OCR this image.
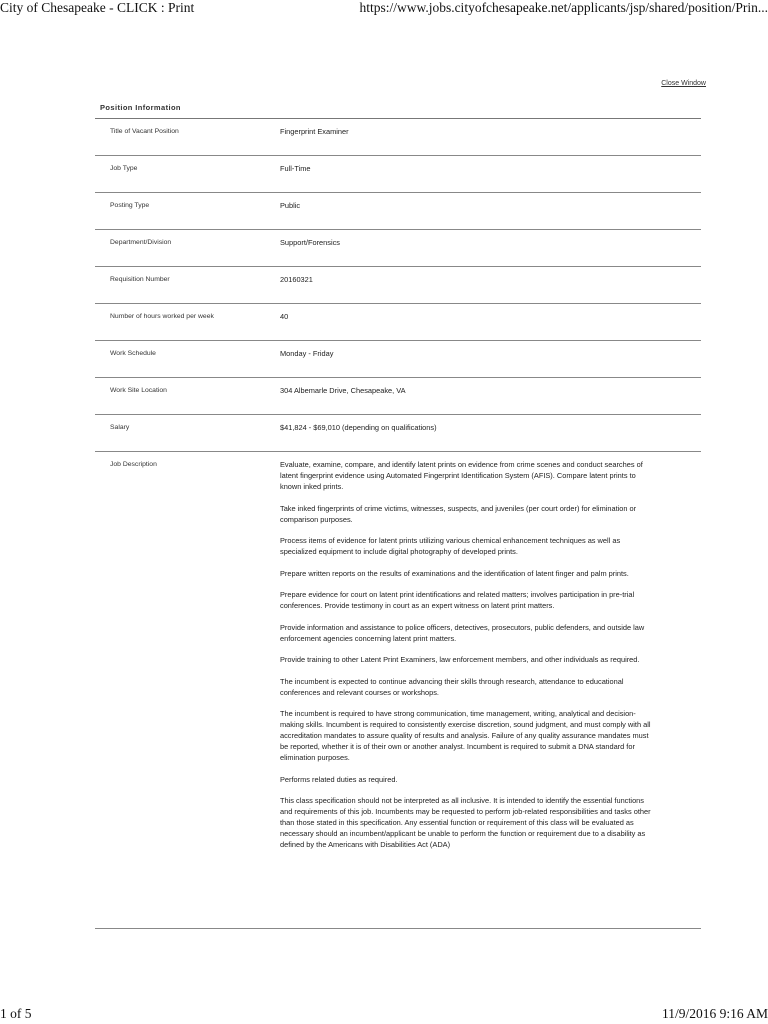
City of Chesapeake - CLICK : Print	https://www.jobs.cityofchesapeake.net/applicants/jsp/shared/position/Prin...
Close Window
Position Information
Title of Vacant Position	Fingerprint Examiner
Job Type	Full-Time
Posting Type	Public
Department/Division	Support/Forensics
Requisition Number	20160321
Number of hours worked per week	40
Work Schedule	Monday - Friday
Work Site Location	304 Albemarle Drive, Chesapeake, VA
Salary	$41,824 - $69,010 (depending on qualifications)
Job Description	Evaluate, examine, compare, and identify latent prints on evidence from crime scenes and conduct searches of latent fingerprint evidence using Automated Fingerprint Identification System (AFIS). Compare latent prints to known inked prints.

Take inked fingerprints of crime victims, witnesses, suspects, and juveniles (per court order) for elimination or comparison purposes.

Process items of evidence for latent prints utilizing various chemical enhancement techniques as well as specialized equipment to include digital photography of developed prints.

Prepare written reports on the results of examinations and the identification of latent finger and palm prints.

Prepare evidence for court on latent print identifications and related matters; involves participation in pre-trial conferences. Provide testimony in court as an expert witness on latent print matters.

Provide information and assistance to police officers, detectives, prosecutors, public defenders, and outside law enforcement agencies concerning latent print matters.

Provide training to other Latent Print Examiners, law enforcement members, and other individuals as required.

The incumbent is expected to continue advancing their skills through research, attendance to educational conferences and relevant courses or workshops.

The incumbent is required to have strong communication, time management, writing, analytical and decision-making skills. Incumbent is required to consistently exercise discretion, sound judgment, and must comply with all accreditation mandates to assure quality of results and analysis. Failure of any quality assurance mandates must be reported, whether it is of their own or another analyst. Incumbent is required to submit a DNA standard for elimination purposes.

Performs related duties as required.

This class specification should not be interpreted as all inclusive. It is intended to identify the essential functions and requirements of this job. Incumbents may be requested to perform job-related responsibilities and tasks other than those stated in this specification. Any essential function or requirement of this class will be evaluated as necessary should an incumbent/applicant be unable to perform the function or requirement due to a disability as defined by the Americans with Disabilities Act (ADA)

1 of 5	11/9/2016 9:16 AM
